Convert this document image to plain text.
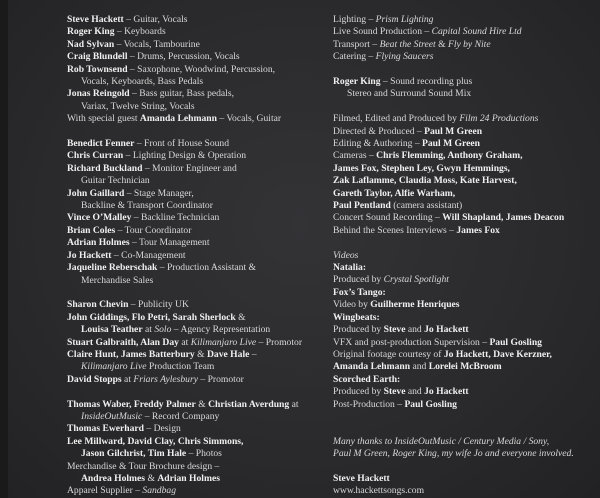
Steve Hackett – Guitar, Vocals
Roger King – Keyboards
Nad Sylvan – Vocals, Tambourine
Craig Blundell – Drums, Percussion, Vocals
Rob Townsend – Saxophone, Woodwind, Percussion,
Vocals, Keyboards, Bass Pedals
Jonas Reingold – Bass guitar, Bass pedals,
Variax, Twelve String, Vocals
With special guest Amanda Lehmann – Vocals, Guitar
Benedict Fenner – Front of House Sound
Chris Curran – Lighting Design & Operation
Richard Buckland – Monitor Engineer and
Guitar Technician
John Gaillard – Stage Manager,
Backline & Transport Coordinator
Vince O’Malley – Backline Technician
Brian Coles – Tour Coordinator
Adrian Holmes – Tour Management
Jo Hackett – Co-Management
Jaqueline Reberschak – Production Assistant &
Merchandise Sales
Sharon Chevin – Publicity UK
John Giddings, Flo Petri, Sarah Sherlock &
Louisa Teather at Solo – Agency Representation
Stuart Galbraith, Alan Day at Kilimanjaro Live – Promotor
Claire Hunt, James Batterbury & Dave Hale –
Kilimanjaro Live Production Team
David Stopps at Friars Aylesbury – Promotor
Thomas Waber, Freddy Palmer & Christian Averdung at
InsideOutMusic – Record Company
Thomas Ewerhard – Design
Lee Millward, David Clay, Chris Simmons,
Jason Gilchrist, Tim Hale – Photos
Merchandise & Tour Brochure design –
Andrea Holmes & Adrian Holmes
Apparel Supplier – Sandbag
Lighting – Prism Lighting
Live Sound Production – Capital Sound Hire Ltd
Transport – Beat the Street & Fly by Nite
Catering – Flying Saucers
Roger King – Sound recording plus
Stereo and Surround Sound Mix
Filmed, Edited and Produced by Film 24 Productions
Directed & Produced – Paul M Green
Editing & Authoring – Paul M Green
Cameras – Chris Flemming, Anthony Graham,
James Fox, Stephen Ley, Gwyn Hemmings,
Zak Laflamme, Claudia Moss, Kate Harvest,
Gareth Taylor, Alfie Warham,
Paul Pentland (camera assistant)
Concert Sound Recording – Will Shapland, James Deacon
Behind the Scenes Interviews – James Fox
Videos
Natalia:
Produced by Crystal Spotlight
Fox’s Tango:
Video by Guilherme Henriques
Wingbeats:
Produced by Steve and Jo Hackett
VFX and post-production Supervision – Paul Gosling
Original footage courtesy of Jo Hackett, Dave Kerzner,
Amanda Lehmann and Lorelei McBroom
Scorched Earth:
Produced by Steve and Jo Hackett
Post-Production – Paul Gosling
Many thanks to InsideOutMusic / Century Media / Sony,
Paul M Green, Roger King, my wife Jo and everyone involved.
Steve Hackett
www.hackettsongs.com
